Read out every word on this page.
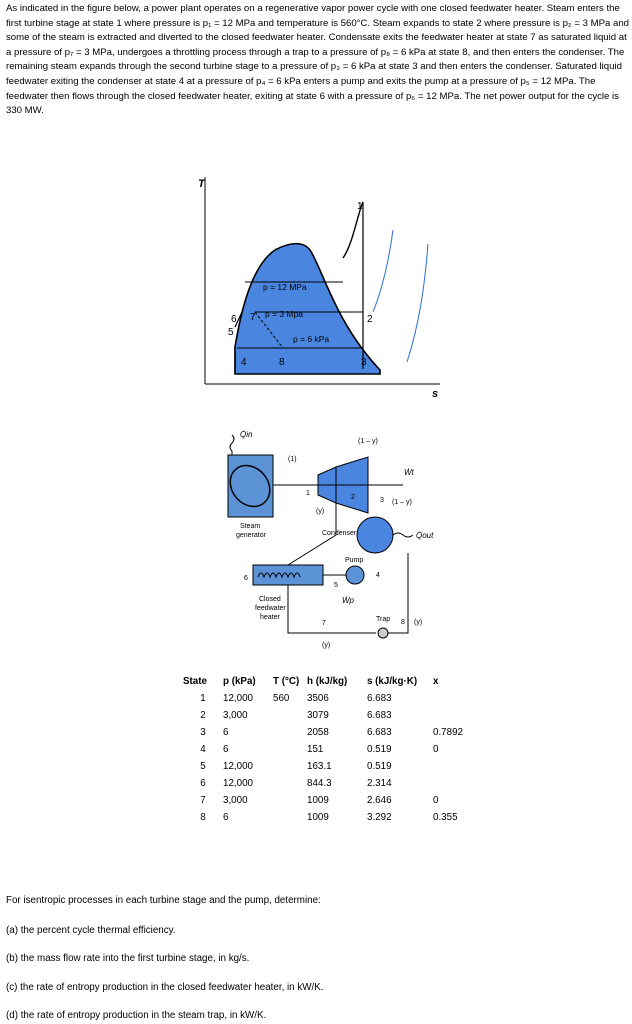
As indicated in the figure below, a power plant operates on a regenerative vapor power cycle with one closed feedwater heater. Steam enters the first turbine stage at state 1 where pressure is p₁ = 12 MPa and temperature is 560°C. Steam expands to state 2 where pressure is p₂ = 3 MPa and some of the steam is extracted and diverted to the closed feedwater heater. Condensate exits the feedwater heater at state 7 as saturated liquid at a pressure of p₇ = 3 MPa, undergoes a throttling process through a trap to a pressure of p₈ = 6 kPa at state 8, and then enters the condenser. The remaining steam expands through the second turbine stage to a pressure of p₃ = 6 kPa at state 3 and then enters the condenser. Saturated liquid feedwater exiting the condenser at state 4 at a pressure of p₄ = 6 kPa enters a pump and exits the pump at a pressure of p₅ = 12 MPa. The feedwater then flows through the closed feedwater heater, exiting at state 6 with a pressure of p₆ = 12 MPa. The net power output for the cycle is 330 MW.
T
s
p = 12 MPa
p = 3 Mpa
p = 6 kPa
1
2
3
4
5
6 7
8
Q̇in
Steam
generator
(1)
Ẇt
(1 – y)
(1 – y)
1
2	3
Condenser	Q̇out
(y)
Closed
feedwater
heater
Pump
Ẇp
4
5
6
Trap
7	8
(y)
(y)
State	p (kPa)	T (°C)	h (kJ/kg)	s (kJ/kg·K)	x
1	12,000	560	3506	6.683	
2	3,000		3079	6.683	
3	6		2058	6.683	0.7892
4	6		151	0.519	0
5	12,000		163.1	0.519	
6	12,000		844.3	2.314	
7	3,000		1009	2.646	0
8	6		1009	3.292	0.355
For isentropic processes in each turbine stage and the pump, determine:
(a) the percent cycle thermal efficiency.
(b) the mass flow rate into the first turbine stage, in kg/s.
(c) the rate of entropy production in the closed feedwater heater, in kW/K.
(d) the rate of entropy production in the steam trap, in kW/K.
